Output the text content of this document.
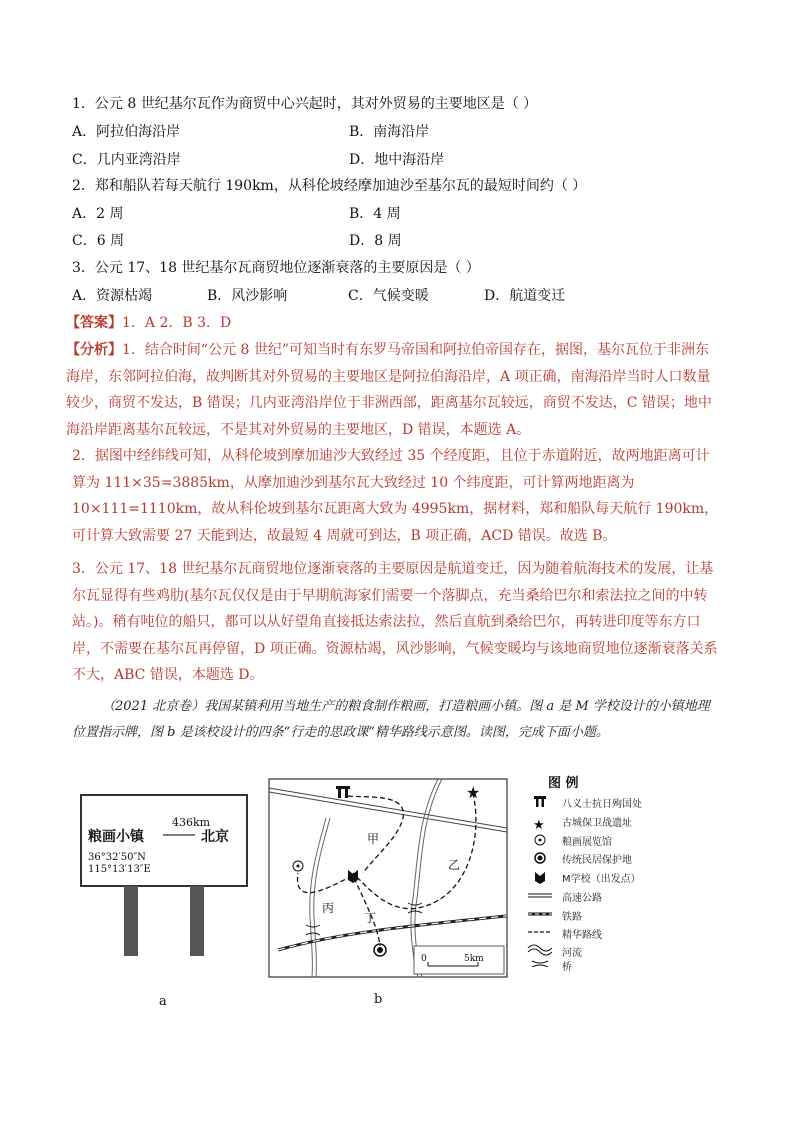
1．公元 8 世纪基尔瓦作为商贸中心兴起时，其对外贸易的主要地区是（ ）
A．阿拉伯海沿岸	B．南海沿岸
C．几内亚湾沿岸	D．地中海沿岸
2．郑和船队若每天航行 190km，从科伦坡经摩加迪沙至基尔瓦的最短时间约（ ）
A．2 周	B．4 周
C．6 周	D．8 周
3．公元 17、18 世纪基尔瓦商贸地位逐渐衰落的主要原因是（ ）
A．资源枯竭	B．风沙影响	C．气候变暖	D．航道变迁
【答案】1．A 2．B 3．D
【分析】1．结合时间“公元 8 世纪”可知当时有东罗马帝国和阿拉伯帝国存在，据图，基尔瓦位于非洲东海岸，东邻阿拉伯海，故判断其对外贸易的主要地区是阿拉伯海沿岸，A 项正确，南海沿岸当时人口数量较少，商贸不发达，B 错误；几内亚湾沿岸位于非洲西部，距离基尔瓦较远，商贸不发达，C 错误；地中海沿岸距离基尔瓦较远，不是其对外贸易的主要地区，D 错误，本题选 A。
2．据图中经纬线可知，从科伦坡到摩加迪沙大致经过 35 个经度距，且位于赤道附近，故两地距离可计算为 111×35=3885km，从摩加迪沙到基尔瓦大致经过 10 个纬度距，可计算两地距离为 10×111=1110km，故从科伦坡到基尔瓦距离大致为 4995km，据材料，郑和船队每天航行 190km，可计算大致需要 27 天能到达，故最短 4 周就可到达，B 项正确，ACD 错误。故选 B。
3．公元 17、18 世纪基尔瓦商贸地位逐渐衰落的主要原因是航道变迁，因为随着航海技术的发展，让基尔瓦显得有些鸡肋(基尔瓦仅仅是由于早期航海家们需要一个落脚点，充当桑给巴尔和索法拉之间的中转站。)。稍有吨位的船只，都可以从好望角直接抵达索法拉，然后直航到桑给巴尔，再转进印度等东方口岸，不需要在基尔瓦再停留，D 项正确。资源枯竭，风沙影响，气候变暖均与该地商贸地位逐渐衰落关系不大，ABC 错误，本题选 D。
（2021 北京卷）我国某镇利用当地生产的粮食制作粮画，打造粮画小镇。图 a 是 M 学校设计的小镇地理位置指示牌，图 b 是该校设计的四条“行走的思政课”精华路线示意图。读图，完成下面小题。
粮画小镇
436km
北京
36°32′50″N
115°13′13″E
a
★
甲
乙
丙
丁
0	5km
b
图 例
★
八义士抗日殉国处
古城保卫战遗址
粮画展览馆
传统民居保护地
M学校（出发点）
高速公路
铁路
精华路线
河流
桥
